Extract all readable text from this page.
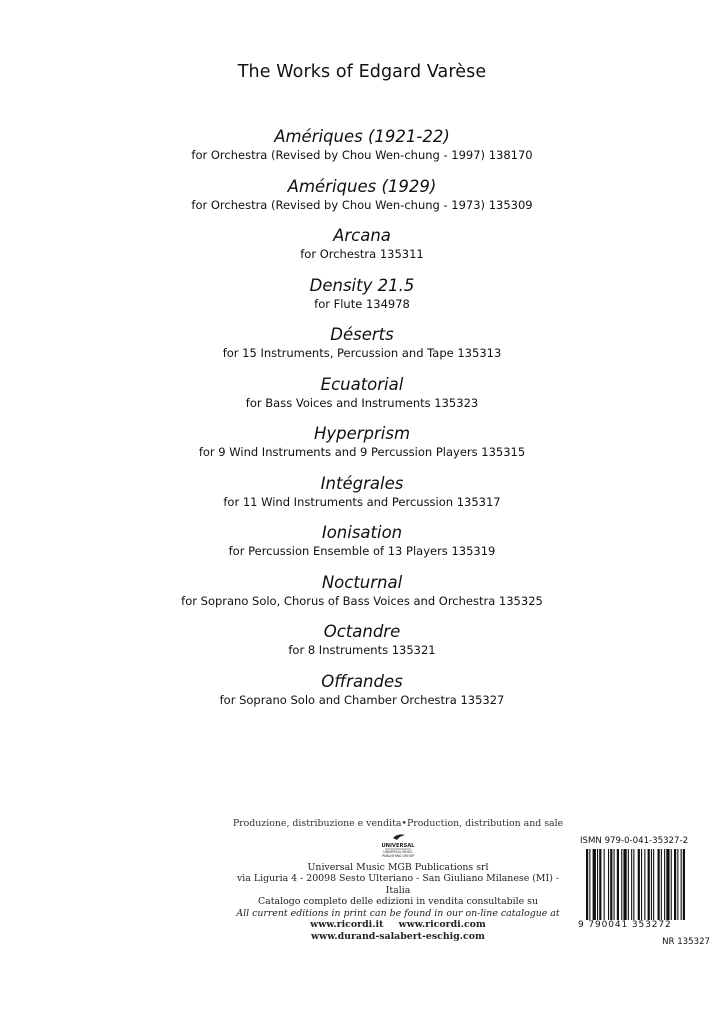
The Works of Edgard Varèse
Amériques (1921-22)
for Orchestra (Revised by Chou Wen-chung - 1997) 138170
Amériques (1929)
for Orchestra (Revised by Chou Wen-chung - 1973) 135309
Arcana
for Orchestra 135311
Density 21.5
for Flute 134978
Déserts
for 15 Instruments, Percussion and Tape 135313
Ecuatorial
for Bass Voices and Instruments 135323
Hyperprism
for 9 Wind Instruments and 9 Percussion Players 135315
Intégrales
for 11 Wind Instruments and Percussion 135317
Ionisation
for Percussion Ensemble of 13 Players 135319
Nocturnal
for Soprano Solo, Chorus of Bass Voices and Orchestra 135325
Octandre
for 8 Instruments 135321
Offrandes
for Soprano Solo and Chamber Orchestra 135327
Produzione, distribuzione e vendita•Production, distribution and sale
UNIVERSAL
UNIVERSAL MUSIC
PUBLISHING GROUP
Universal Music MGB Publications srl
via Liguria 4 - 20098 Sesto Ulteriano - San Giuliano Milanese (MI) - Italia
Catalogo completo delle edizioni in vendita consultabile su
All current editions in print can be found in our on-line catalogue at
www.ricordi.it www.ricordi.com
www.durand-salabert-eschig.com
ISMN 979-0-041-35327-2
9 790041 353272
NR 135327
